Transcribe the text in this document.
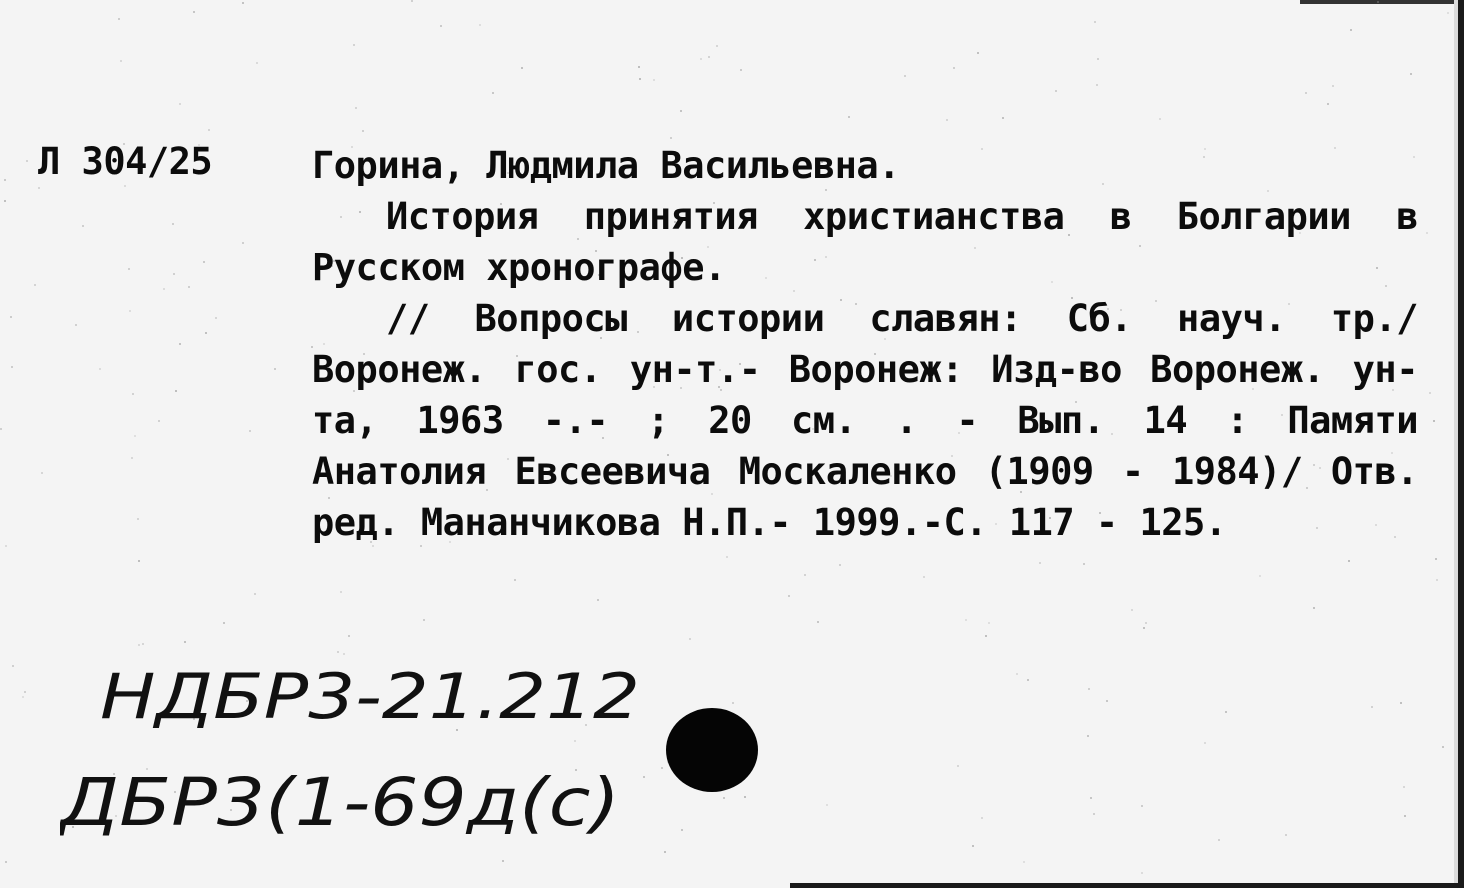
Л 304/25	Горина, Людмила Васильевна.

История принятия христианства в Болгарии в Русском хронографе.

// Вопросы истории славян: Сб. науч. тр./ Воронеж. гос. ун-т.- Воронеж: Изд-во Воронеж. ун-та, 1963 -.- ; 20 см. . - Вып. 14 : Памяти Анатолия Евсеевича Москаленко (1909 - 1984)/ Отв. ред. Мананчикова Н.П.- 1999.-С. 117 - 125.

НДБР3-21.212
ДБР3(1-69д(с)
